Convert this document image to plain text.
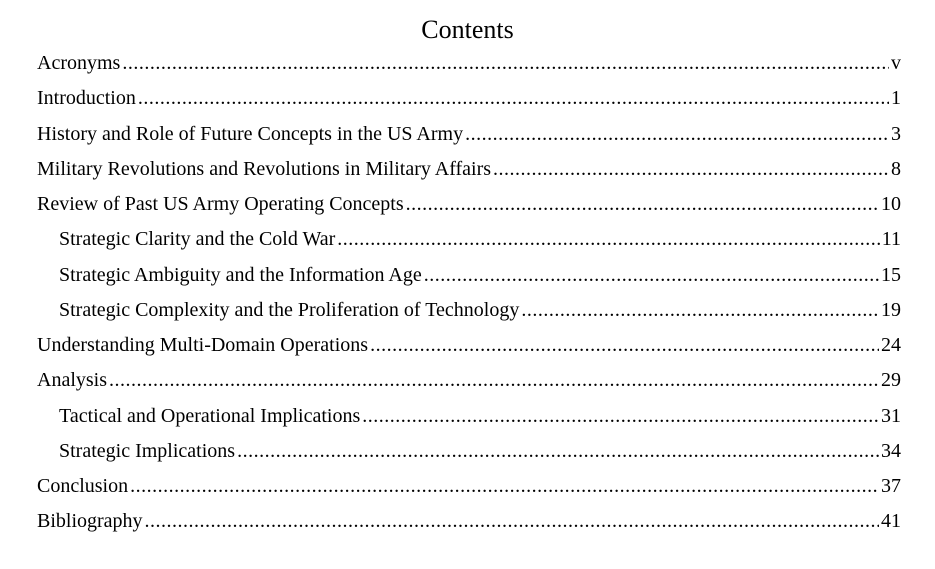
Contents
Acronyms .....	v
Introduction .....	1
History and Role of Future Concepts in the US Army .....	3
Military Revolutions and Revolutions in Military Affairs .....	8
Review of Past US Army Operating Concepts .....	10
Strategic Clarity and the Cold War .....	11
Strategic Ambiguity and the Information Age .....	15
Strategic Complexity and the Proliferation of Technology .....	19
Understanding Multi-Domain Operations .....	24
Analysis .....	29
Tactical and Operational Implications .....	31
Strategic Implications .....	34
Conclusion .....	37
Bibliography .....	41
